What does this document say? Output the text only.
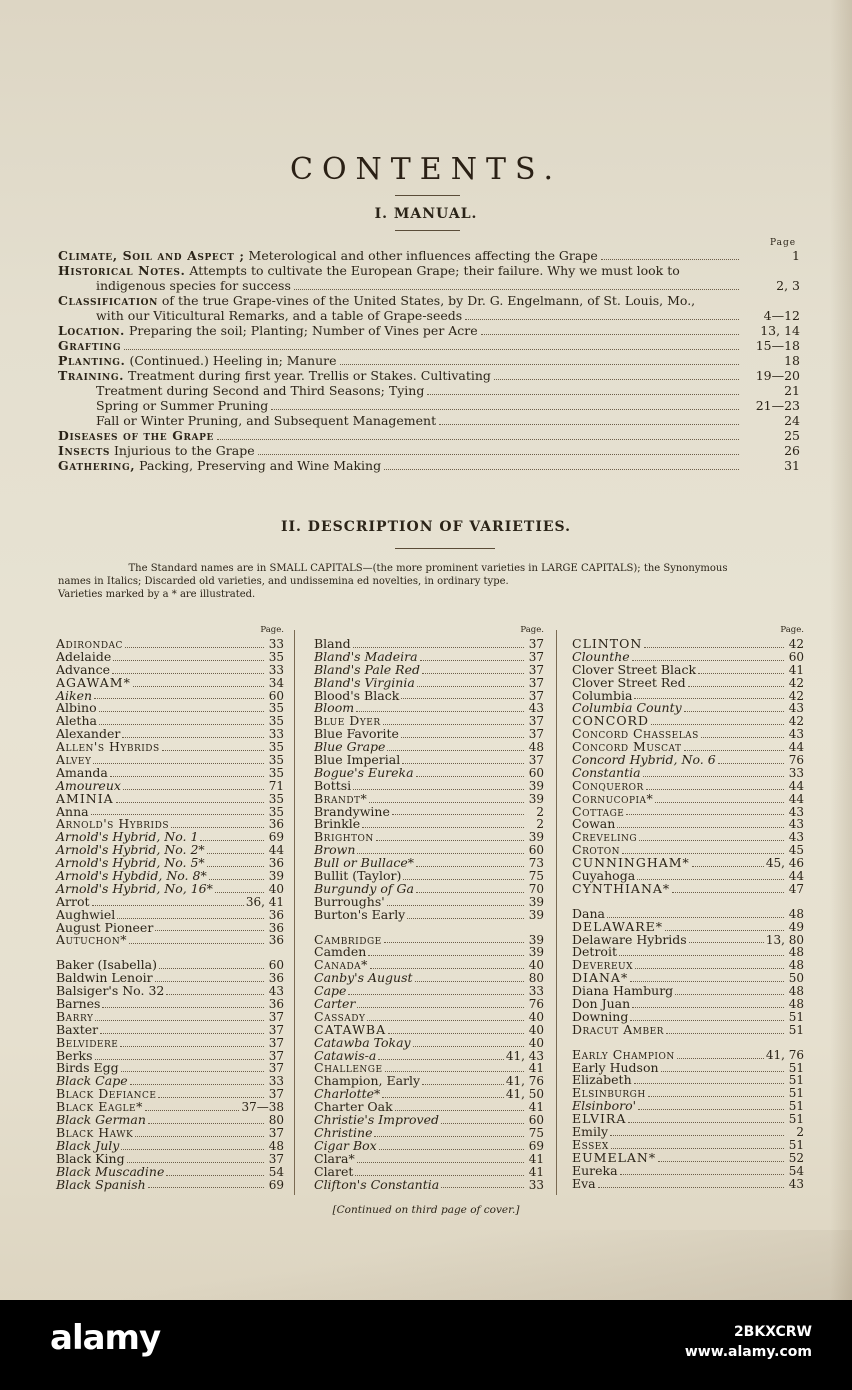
CONTENTS.
I. MANUAL.
Page
Climate, Soil and Aspect ; Meterological and other influences affecting the Grape	1
Historical Notes. Attempts to cultivate the European Grape; their failure. Why we must look to
indigenous species for success	2, 3
Classification of the true Grape-vines of the United States, by Dr. G. Engelmann, of St. Louis, Mo.,
with our Viticultural Remarks, and a table of Grape-seeds	4—12
Location. Preparing the soil; Planting; Number of Vines per Acre	13, 14
Grafting	15—18
Planting. (Continued.) Heeling in; Manure	18
Training. Treatment during first year. Trellis or Stakes. Cultivating	19—20
Treatment during Second and Third Seasons; Tying	21
Spring or Summer Pruning	21—23
Fall or Winter Pruning, and Subsequent Management	24
Diseases of the Grape	25
Insects Injurious to the Grape	26
Gathering, Packing, Preserving and Wine Making	31
II. DESCRIPTION OF VARIETIES.
The Standard names are in SMALL CAPITALS—(the more prominent varieties in LARGE CAPITALS); the Synonymous
names in Italics; Discarded old varieties, and undissemina ed novelties, in ordinary type.
Varieties marked by a * are illustrated.
Page.
Adirondac	33
Adelaide	35
Advance	33
AGAWAM*	34
Aiken	60
Albino	35
Aletha	35
Alexander	33
Allen's Hybrids	35
Alvey	35
Amanda	35
Amoureux	71
AMINIA	35
Anna	35
Arnold's Hybrids	36
Arnold's Hybrid, No. 1	69
Arnold's Hybrid, No. 2*	44
Arnold's Hybrid, No. 5*	36
Arnold's Hybdid, No. 8*	39
Arnold's Hybrid, No, 16*	40
Arrot	36, 41
Aughwiel	36
August Pioneer	36
Autuchon*	36
Baker (Isabella)	60
Baldwin Lenoir	36
Balsiger's No. 32	43
Barnes	36
Barry	37
Baxter	37
Belvidere	37
Berks	37
Birds Egg	37
Black Cape	33
Black Defiance	37
Black Eagle*	37—38
Black German	80
Black Hawk	37
Black July	48
Black King	37
Black Muscadine	54
Black Spanish	69
Page.
Bland	37
Bland's Madeira	37
Bland's Pale Red	37
Bland's Virginia	37
Blood's Black	37
Bloom	43
Blue Dyer	37
Blue Favorite	37
Blue Grape	48
Blue Imperial	37
Bogue's Eureka	60
Bottsi	39
Brandt*	39
Brandywine	2
Brinkle	2
Brighton	39
Brown	60
Bull or Bullace*	73
Bullit (Taylor)	75
Burgundy of Ga	70
Burroughs'	39
Burton's Early	39
Cambridge	39
Camden	39
Canada*	40
Canby's August	80
Cape	33
Carter	76
Cassady	40
CATAWBA	40
Catawba Tokay	40
Catawis-a	41, 43
Challenge	41
Champion, Early	41, 76
Charlotte*	41, 50
Charter Oak	41
Christie's Improved	60
Christine	75
Cigar Box	69
Clara*	41
Claret	41
Clifton's Constantia	33
Page.
CLINTON	42
Clounthe	60
Clover Street Black	41
Clover Street Red	42
Columbia	42
Columbia County	43
CONCORD	42
Concord Chasselas	43
Concord Muscat	44
Concord Hybrid, No. 6	76
Constantia	33
Conqueror	44
Cornucopia*	44
Cottage	43
Cowan	43
Creveling	43
Croton	45
CUNNINGHAM*	45, 46
Cuyahoga	44
CYNTHIANA*	47
Dana	48
DELAWARE*	49
Delaware Hybrids	13, 80
Detroit	48
Devereux	48
DIANA*	50
Diana Hamburg	48
Don Juan	48
Downing	51
Dracut Amber	51
Early Champion	41, 76
Early Hudson	51
Elizabeth	51
Elsinburgh	51
Elsinboro'	51
ELVIRA	51
Emily	2
Essex	51
EUMELAN*	52
Eureka	54
Eva	43
[Continued on third page of cover.]
alamy	2BKXCRW
www.alamy.com
